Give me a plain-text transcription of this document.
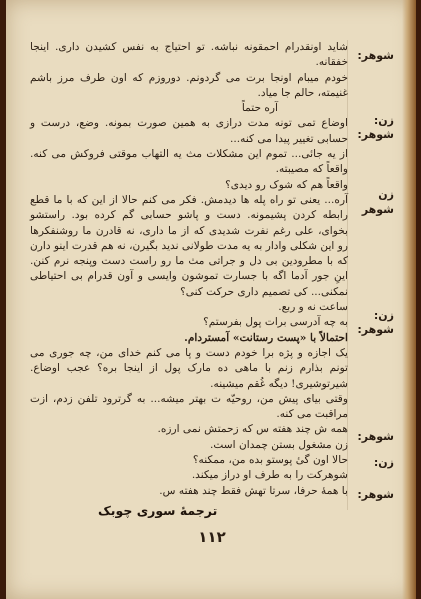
شوهر:
زن:
شوهر:
زن
شوهر
زن:
شوهر:
شوهر:
زن:
شوهر:

شاید اونقدرام احمقونه نباشه. تو احتیاج به نفس کشیدن داری. اینجا خفقانه.

خودم میبام اونجا برت می گردونم. دوروزم که اون طرف مرز باشم غنیمته، حالم جا میاد.

آره حتماً

اوضاع تمی تونه مدت درازی به همین صورت بمونه. وضع، درست و حسابی تغییر پیدا می کنه...

از یه جائی... تموم این مشکلات مث یه التهاب موقتی فروکش می کنه. واقعاً که مصیبته.

واقعاً هم که شوک رو دیدی؟

آره... یعنی تو راه پله ها دیدمش. فکر می کنم حالا از این که با ما قطع رابطه کردن پشیمونه. دست و پاشو حسابی گم کرده بود. راستشو بخوای، علی رغم نفرت شدیدی که از ما داری، نه قادرن ما روشنفکرها رو این شکلی وادار به یه مدت طولانی ندید بگیرن، نه هم قدرت اینو دارن که با مطرودین بی دل و جراتی مث ما رو راست دست وپنجه نرم کنن. اینِ جور آدما اگه با جسارت تموشون وایسی و آون قدرام بی احتیاطی نمکنی... کی تصمیم داری حرکت کنی؟

ساعت نه و ربع.

به چه آدرسی برات پول بفرستم؟

احتمالاً با «پست رستانت» آمستردام.

یک اجازه و پژه برا خودم دست و پا می کنم خدای من، چه جوری می تونم بذارم زنم با ماهی ده مارک پول از اینجا بره؟ عجب اوضاع. شیرتوشیری! دیگه غُقم میشینه.

وقتی بیای پیش من، روحیّه ت بهتر میشه... به گرترود تلفن زدم، ازت مراقبت می کنه.

همه ش چند هفته س که زحمتش نمی ارزه.

زن مشغول بستن چمدان است.

حالا اون گیٔ پوستو بده من، ممکنه؟

شوهرکت را به طرف او دراز میکند.

با همهٔ حرفا، سرتا تهش فقط چند هفته س.

ترجمهٔ سوری چوبک
۱۱۲
